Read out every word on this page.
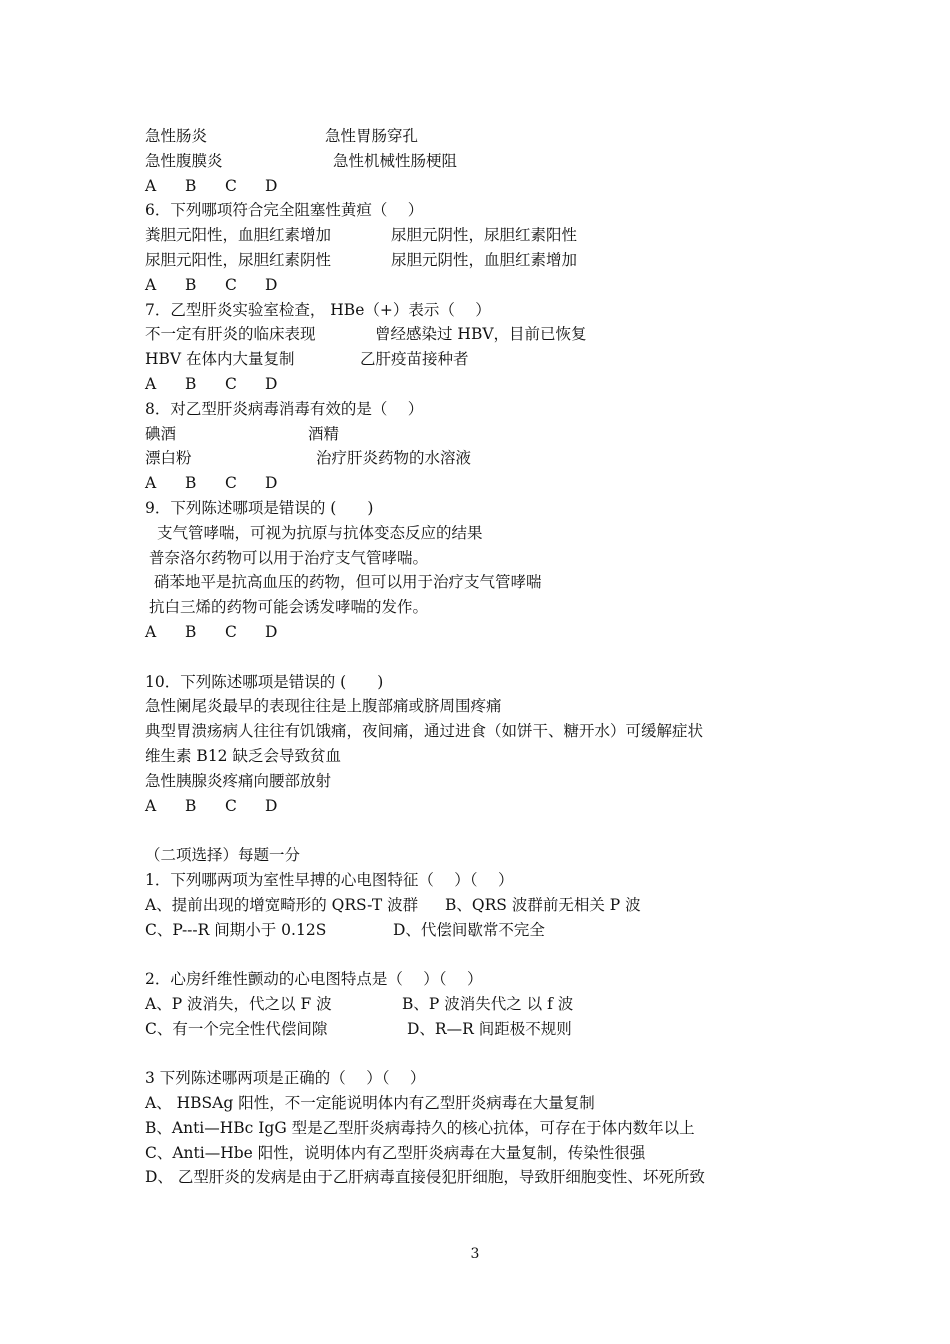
急性肠炎	急性胃肠穿孔
急性腹膜炎	急性机械性肠梗阻
A B C D
6．下列哪项符合完全阻塞性黄疸（　 ）
粪胆元阳性，血胆红素增加	尿胆元阴性，尿胆红素阳性
尿胆元阳性，尿胆红素阴性	尿胆元阴性，血胆红素增加
A B C D
7．乙型肝炎实验室检查， HBe（+）表示（　 ）
不一定有肝炎的临床表现	曾经感染过 HBV，目前已恢复
HBV 在体内大量复制	乙肝疫苗接种者
A B C D
8．对乙型肝炎病毒消毒有效的是（　 ）
碘酒	酒精
漂白粉	治疗肝炎药物的水溶液
A B C D
9．下列陈述哪项是错误的 (　　)
支气管哮喘，可视为抗原与抗体变态反应的结果
普奈洛尔药物可以用于治疗支气管哮喘。
硝苯地平是抗高血压的药物，但可以用于治疗支气管哮喘
抗白三烯的药物可能会诱发哮喘的发作。
A B C D
10．下列陈述哪项是错误的 (　　)
急性阑尾炎最早的表现往往是上腹部痛或脐周围疼痛
典型胃溃疡病人往往有饥饿痛，夜间痛，通过进食（如饼干、糖开水）可缓解症状
维生素 B12 缺乏会导致贫血
急性胰腺炎疼痛向腰部放射
A B C D
（二项选择）每题一分
1．下列哪两项为室性早搏的心电图特征（　 ）（　 ）
A、提前出现的增宽畸形的 QRS-T 波群 B、QRS 波群前无相关 P 波
C、P---R 间期小于 0.12S	D、代偿间歇常不完全
2．心房纤维性颤动的心电图特点是（　 ）（　 ）
A、P 波消失，代之以 F 波	B、P 波消失代之 以 f 波
C、有一个完全性代偿间隙	D、R—R 间距极不规则
3 下列陈述哪两项是正确的（　 ）（　 ）
A、 HBSAg 阳性，不一定能说明体内有乙型肝炎病毒在大量复制
B、Anti—HBc IgG 型是乙型肝炎病毒持久的核心抗体，可存在于体内数年以上
C、Anti—Hbe 阳性，说明体内有乙型肝炎病毒在大量复制，传染性很强
D、 乙型肝炎的发病是由于乙肝病毒直接侵犯肝细胞，导致肝细胞变性、坏死所致
3
